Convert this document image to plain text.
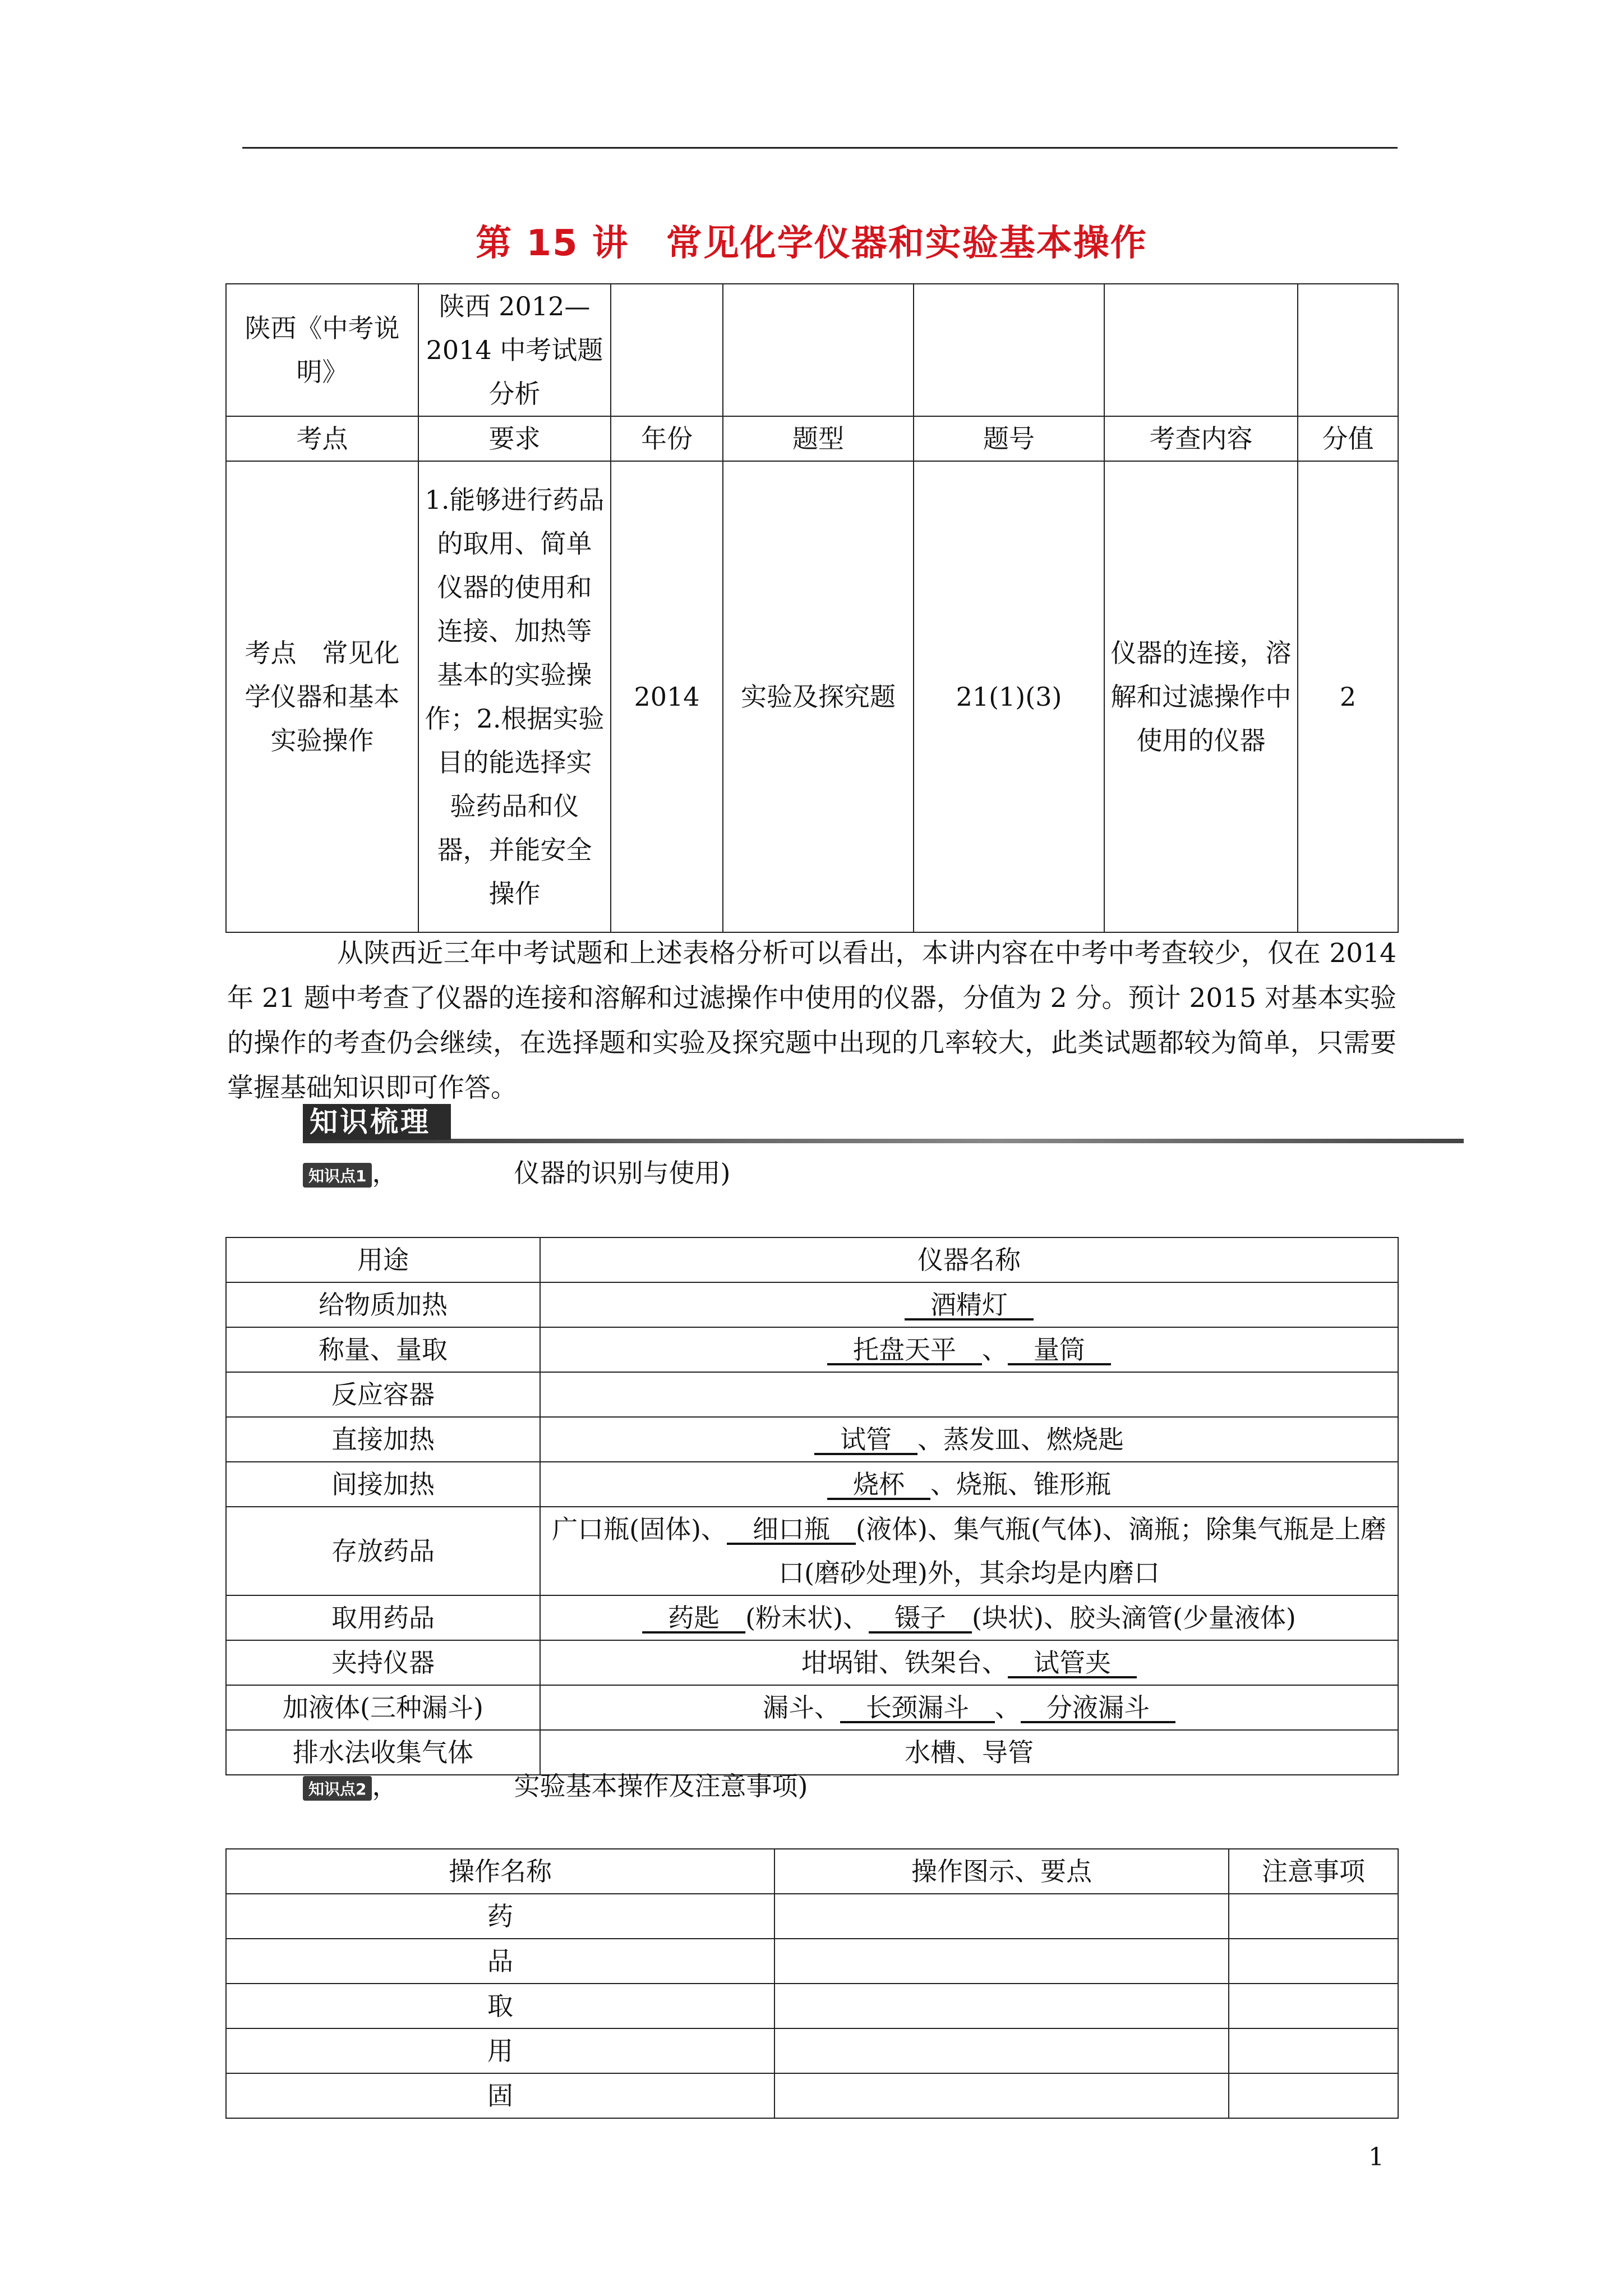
第 15 讲　常见化学仪器和实验基本操作
陕西《中考说明》	陕西 2012—2014 中考试题分析					
考点	要求	年份	题型	题号	考查内容	分值
考点　常见化学仪器和基本实验操作	1.能够进行药品的取用、简单仪器的使用和连接、加热等基本的实验操作；2.根据实验目的能选择实验药品和仪器，并能安全操作	2014	实验及探究题	21(1)(3)	仪器的连接，溶解和过滤操作中使用的仪器	2

从陕西近三年中考试题和上述表格分析可以看出，本讲内容在中考中考查较少，仅在 2014 年 21 题中考查了仪器的连接和溶解和过滤操作中使用的仪器，分值为 2 分。预计 2015 对基本实验的操作的考查仍会继续，在选择题和实验及探究题中出现的几率较大，此类试题都较为简单，只需要掌握基础知识即可作答。

知识梳理
知识点1 ，　　　　　仪器的识别与使用)
用途	仪器名称
给物质加热	__酒精灯__
称量、量取	__托盘天平__、__量筒__
反应容器	
直接加热	__试管__、蒸发皿、燃烧匙
间接加热	__烧杯__、烧瓶、锥形瓶
存放药品	广口瓶(固体)、__细口瓶__(液体)、集气瓶(气体)、滴瓶；除集气瓶是上磨口(磨砂处理)外，其余均是内磨口
取用药品	__药匙__(粉末状)、__镊子__(块状)、胶头滴管(少量液体)
夹持仪器	坩埚钳、铁架台、__试管夹__
加液体(三种漏斗)	漏斗、__长颈漏斗__、__分液漏斗__
排水法收集气体	水槽、导管
知识点2 ，　　　　　实验基本操作及注意事项)
操作名称	操作图示、要点	注意事项
药		
品		
取		
用		
固		
1
